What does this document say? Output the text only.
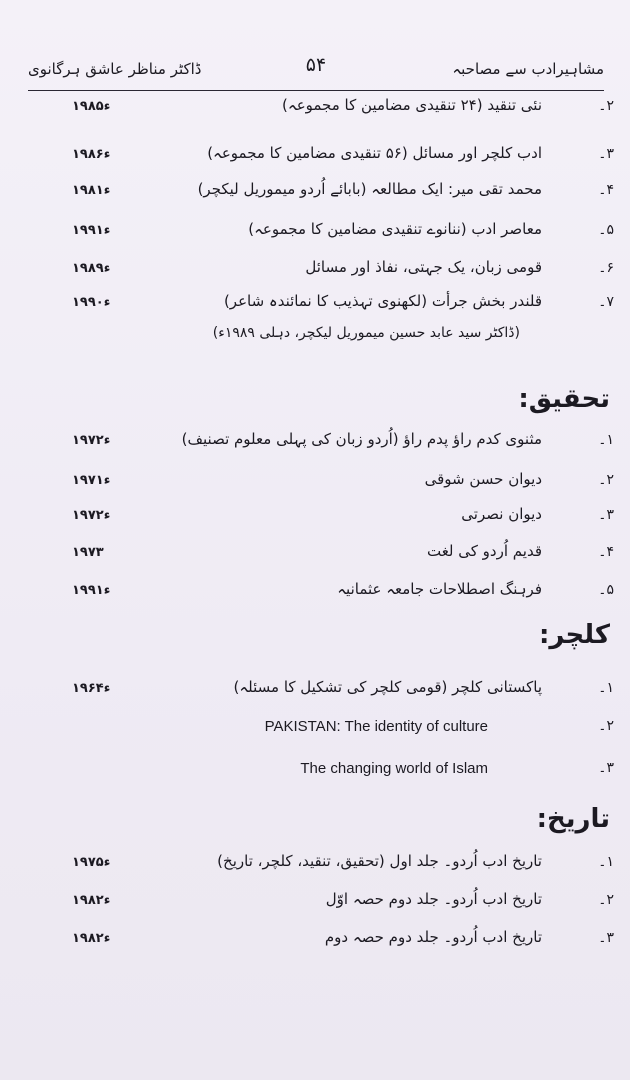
مشاہیرادب سے مصاحبہ
۵۴
ڈاکٹر مناظر عاشق ہرگانوی
۲۔
نئی تنقید (۲۴ تنقیدی مضامین کا مجموعہ)
۱۹۸۵ء
۳۔
ادب کلچر اور مسائل (۵۶ تنقیدی مضامین کا مجموعہ)
۱۹۸۶ء
۴۔
محمد تقی میر: ایک مطالعہ (بابائے اُردو میموریل لیکچر)
۱۹۸۱ء
۵۔
معاصر ادب (ننانوے تنقیدی مضامین کا مجموعہ)
۱۹۹۱ء
۶۔
قومی زبان، یک جہتی، نفاذ اور مسائل
۱۹۸۹ء
۷۔
قلندر بخش جرأت (لکھنوی تہذیب کا نمائندہ شاعر)
۱۹۹۰ء
(ڈاکٹر سید عابد حسین میموریل لیکچر، دہلی ۱۹۸۹ء)
تحقیق:
۱۔
مثنوی کدم راؤ پدم راؤ (اُردو زبان کی پہلی معلوم تصنیف)
۱۹۷۲ء
۲۔
دیوان حسن شوقی
۱۹۷۱ء
۳۔
دیوان نصرتی
۱۹۷۲ء
۴۔
قدیم اُردو کی لغت
۱۹۷۳
۵۔
فرہنگ اصطلاحات جامعہ عثمانیہ
۱۹۹۱ء
کلچر:
۱۔
پاکستانی کلچر (قومی کلچر کی تشکیل کا مسئلہ)
۱۹۶۴ء
۲۔
PAKISTAN: The identity of culture
۳۔
The changing world of Islam
تاریخ:
۱۔
تاریخ ادب اُردو۔ جلد اول (تحقیق، تنقید، کلچر، تاریخ)
۱۹۷۵ء
۲۔
تاریخ ادب اُردو۔ جلد دوم حصہ اوّل
۱۹۸۲ء
۳۔
تاریخ ادب اُردو۔ جلد دوم حصہ دوم
۱۹۸۲ء
